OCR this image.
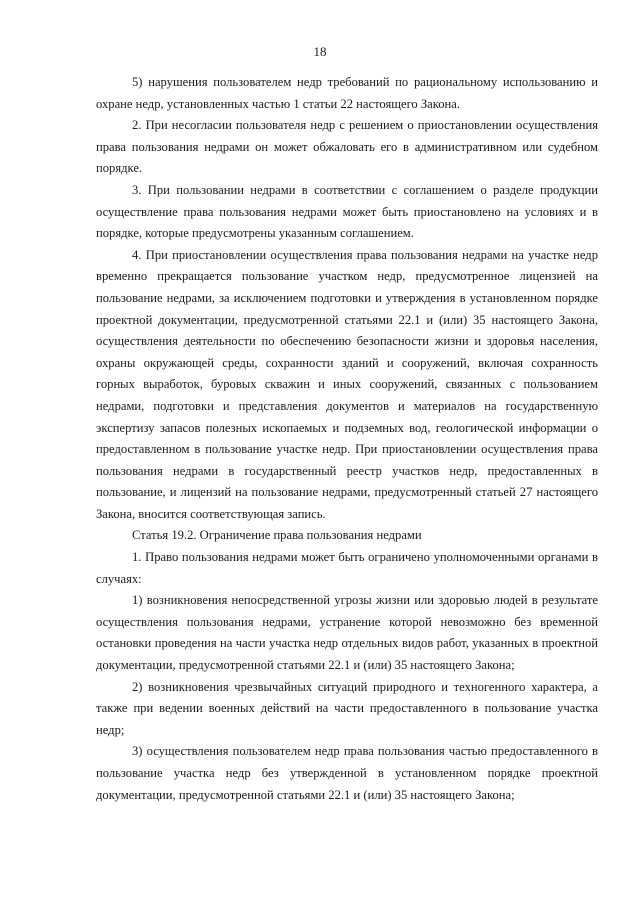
18

5) нарушения пользователем недр требований по рациональному использованию и охране недр, установленных частью 1 статьи 22 настоящего Закона.

2. При несогласии пользователя недр с решением о приостановлении осуществления права пользования недрами он может обжаловать его в административном или судебном порядке.

3. При пользовании недрами в соответствии с соглашением о разделе продукции осуществление права пользования недрами может быть приостановлено на условиях и в порядке, которые предусмотрены указанным соглашением.

4. При приостановлении осуществления права пользования недрами на участке недр временно прекращается пользование участком недр, предусмотренное лицензией на пользование недрами, за исключением подготовки и утверждения в установленном порядке проектной документации, предусмотренной статьями 22.1 и (или) 35 настоящего Закона, осуществления деятельности по обеспечению безопасности жизни и здоровья населения, охраны окружающей среды, сохранности зданий и сооружений, включая сохранность горных выработок, буровых скважин и иных сооружений, связанных с пользованием недрами, подготовки и представления документов и материалов на государственную экспертизу запасов полезных ископаемых и подземных вод, геологической информации о предоставленном в пользование участке недр. При приостановлении осуществления права пользования недрами в государственный реестр участков недр, предоставленных в пользование, и лицензий на пользование недрами, предусмотренный статьей 27 настоящего Закона, вносится соответствующая запись.

Статья 19.2. Ограничение права пользования недрами

1. Право пользования недрами может быть ограничено уполномоченными органами в случаях:

1) возникновения непосредственной угрозы жизни или здоровью людей в результате осуществления пользования недрами, устранение которой невозможно без временной остановки проведения на части участка недр отдельных видов работ, указанных в проектной документации, предусмотренной статьями 22.1 и (или) 35 настоящего Закона;

2) возникновения чрезвычайных ситуаций природного и техногенного характера, а также при ведении военных действий на части предоставленного в пользование участка недр;

3) осуществления пользователем недр права пользования частью предоставленного в пользование участка недр без утвержденной в установленном порядке проектной документации, предусмотренной статьями 22.1 и (или) 35 настоящего Закона;
